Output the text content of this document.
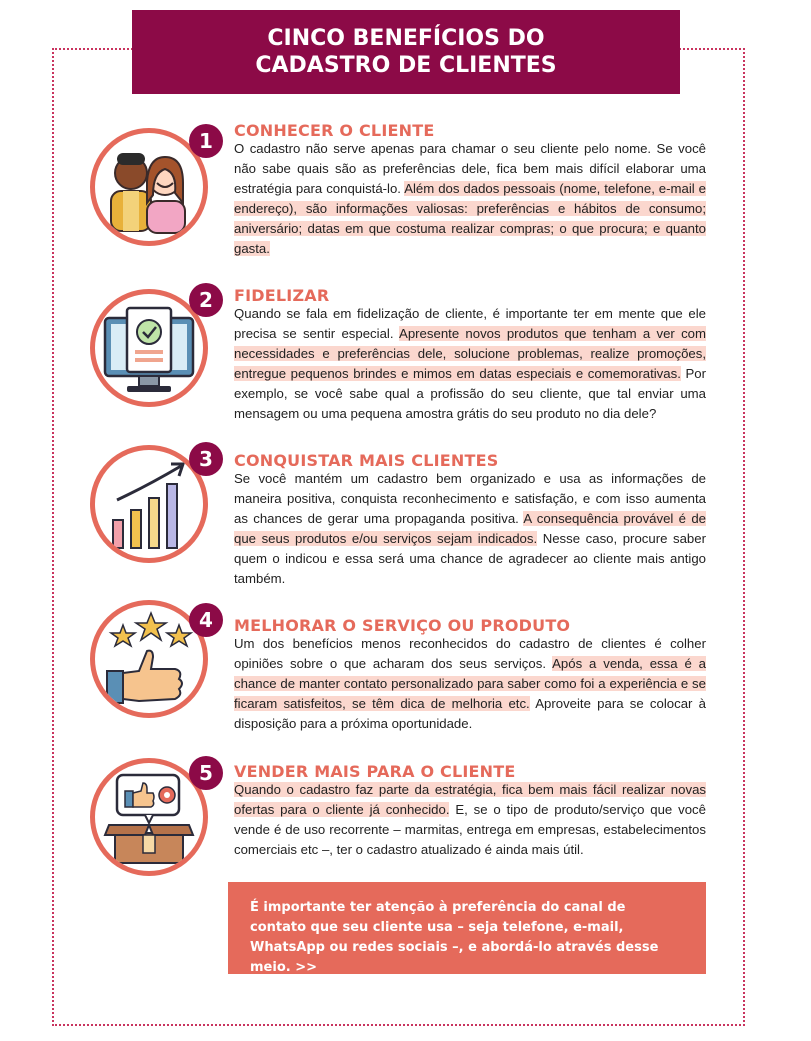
CINCO BENEFÍCIOS DO
CADASTRO DE CLIENTES
1	CONHECER O CLIENTE
O cadastro não serve apenas para chamar o seu cliente pelo nome. Se você não sabe quais são as preferências dele, fica bem mais difícil elaborar uma estratégia para conquistá-lo. Além dos dados pessoais (nome, telefone, e-mail e endereço), são informações valiosas: preferências e hábitos de consumo; aniversário; datas em que costuma realizar compras; o que procura; e quanto gasta.
2	FIDELIZAR
Quando se fala em fidelização de cliente, é importante ter em mente que ele precisa se sentir especial. Apresente novos produtos que tenham a ver com necessidades e preferências dele, solucione problemas, realize promoções, entregue pequenos brindes e mimos em datas especiais e comemorativas. Por exemplo, se você sabe qual a profissão do seu cliente, que tal enviar uma mensagem ou uma pequena amostra grátis do seu produto no dia dele?
3	CONQUISTAR MAIS CLIENTES
Se você mantém um cadastro bem organizado e usa as informações de maneira positiva, conquista reconhecimento e satisfação, e com isso aumenta as chances de gerar uma propaganda positiva. A consequência provável é de que seus produtos e/ou serviços sejam indicados. Nesse caso, procure saber quem o indicou e essa será uma chance de agradecer ao cliente mais antigo também.
4	MELHORAR O SERVIÇO OU PRODUTO
Um dos benefícios menos reconhecidos do cadastro de clientes é colher opiniões sobre o que acharam dos seus serviços. Após a venda, essa é a chance de manter contato personalizado para saber como foi a experiência e se ficaram satisfeitos, se têm dica de melhoria etc. Aproveite para se colocar à disposição para a próxima oportunidade.
5	VENDER MAIS PARA O CLIENTE
Quando o cadastro faz parte da estratégia, fica bem mais fácil realizar novas ofertas para o cliente já conhecido. E, se o tipo de produto/serviço que você vende é de uso recorrente – marmitas, entrega em empresas, estabelecimentos comerciais etc –, ter o cadastro atualizado é ainda mais útil.
É importante ter atenção à preferência do canal de contato que seu cliente usa – seja telefone, e-mail, WhatsApp ou redes sociais –, e abordá-lo através desse meio. >>
